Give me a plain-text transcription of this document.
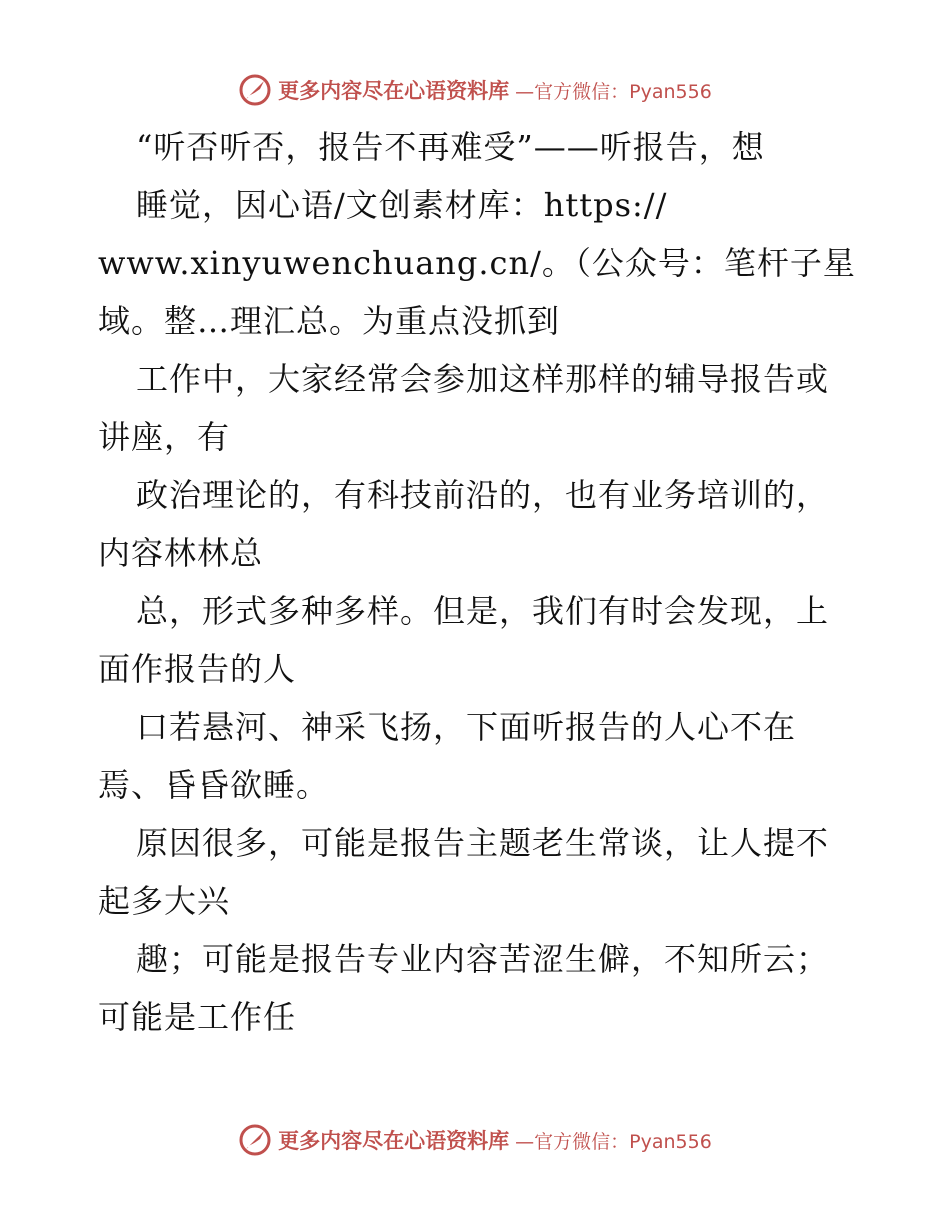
更多内容尽在心语资料库 —官方微信：Pyan556
“听否听否，报告不再难受”——听报告，想
睡觉，因心语/文创素材库：https://
www.xinyuwenchuang.cn/。（公众号：笔杆子星
域。整…理汇总。为重点没抓到
工作中，大家经常会参加这样那样的辅导报告或
讲座，有
政治理论的，有科技前沿的，也有业务培训的，
内容林林总
总，形式多种多样。但是，我们有时会发现，上
面作报告的人
口若悬河、神采飞扬，下面听报告的人心不在
焉、昏昏欲睡。
原因很多，可能是报告主题老生常谈，让人提不
起多大兴
趣；可能是报告专业内容苦涩生僻，不知所云；
可能是工作任
更多内容尽在心语资料库 —官方微信：Pyan556
